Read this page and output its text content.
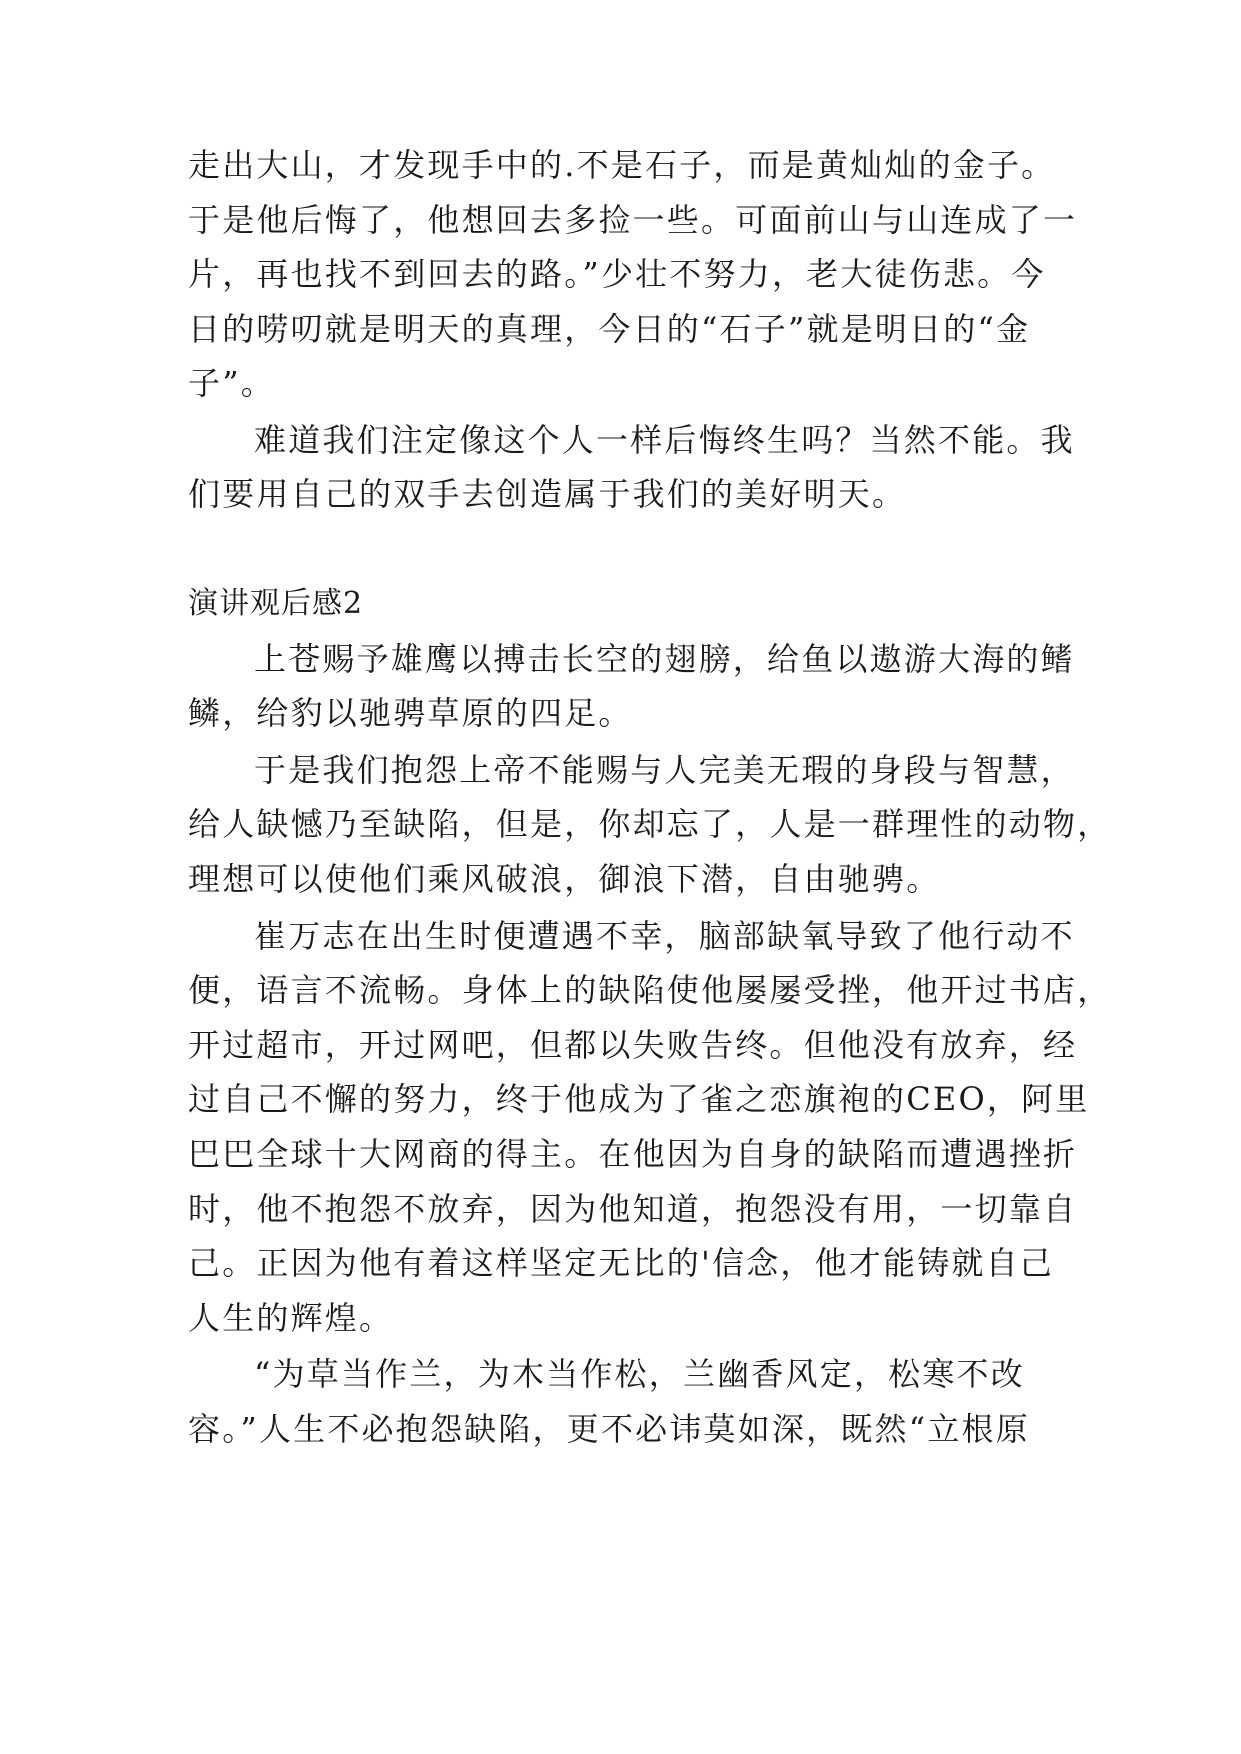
走出大山，才发现手中的.不是石子，而是黄灿灿的金子。
于是他后悔了，他想回去多捡一些。可面前山与山连成了一
片，再也找不到回去的路。”少壮不努力，老大徒伤悲。今
日的唠叨就是明天的真理，今日的“石子”就是明日的“金
子”。
难道我们注定像这个人一样后悔终生吗？当然不能。我
们要用自己的双手去创造属于我们的美好明天。
演讲观后感2
上苍赐予雄鹰以搏击长空的翅膀，给鱼以遨游大海的鳍
鳞，给豹以驰骋草原的四足。
于是我们抱怨上帝不能赐与人完美无瑕的身段与智慧，
给人缺憾乃至缺陷，但是，你却忘了，人是一群理性的动物，
理想可以使他们乘风破浪，御浪下潜，自由驰骋。
崔万志在出生时便遭遇不幸，脑部缺氧导致了他行动不
便，语言不流畅。身体上的缺陷使他屡屡受挫，他开过书店，
开过超市，开过网吧，但都以失败告终。但他没有放弃，经
过自己不懈的努力，终于他成为了雀之恋旗袍的CEO，阿里
巴巴全球十大网商的得主。在他因为自身的缺陷而遭遇挫折
时，他不抱怨不放弃，因为他知道，抱怨没有用，一切靠自
己。正因为他有着这样坚定无比的'信念，他才能铸就自己
人生的辉煌。
“为草当作兰，为木当作松，兰幽香风定，松寒不改
容。”人生不必抱怨缺陷，更不必讳莫如深，既然“立根原
